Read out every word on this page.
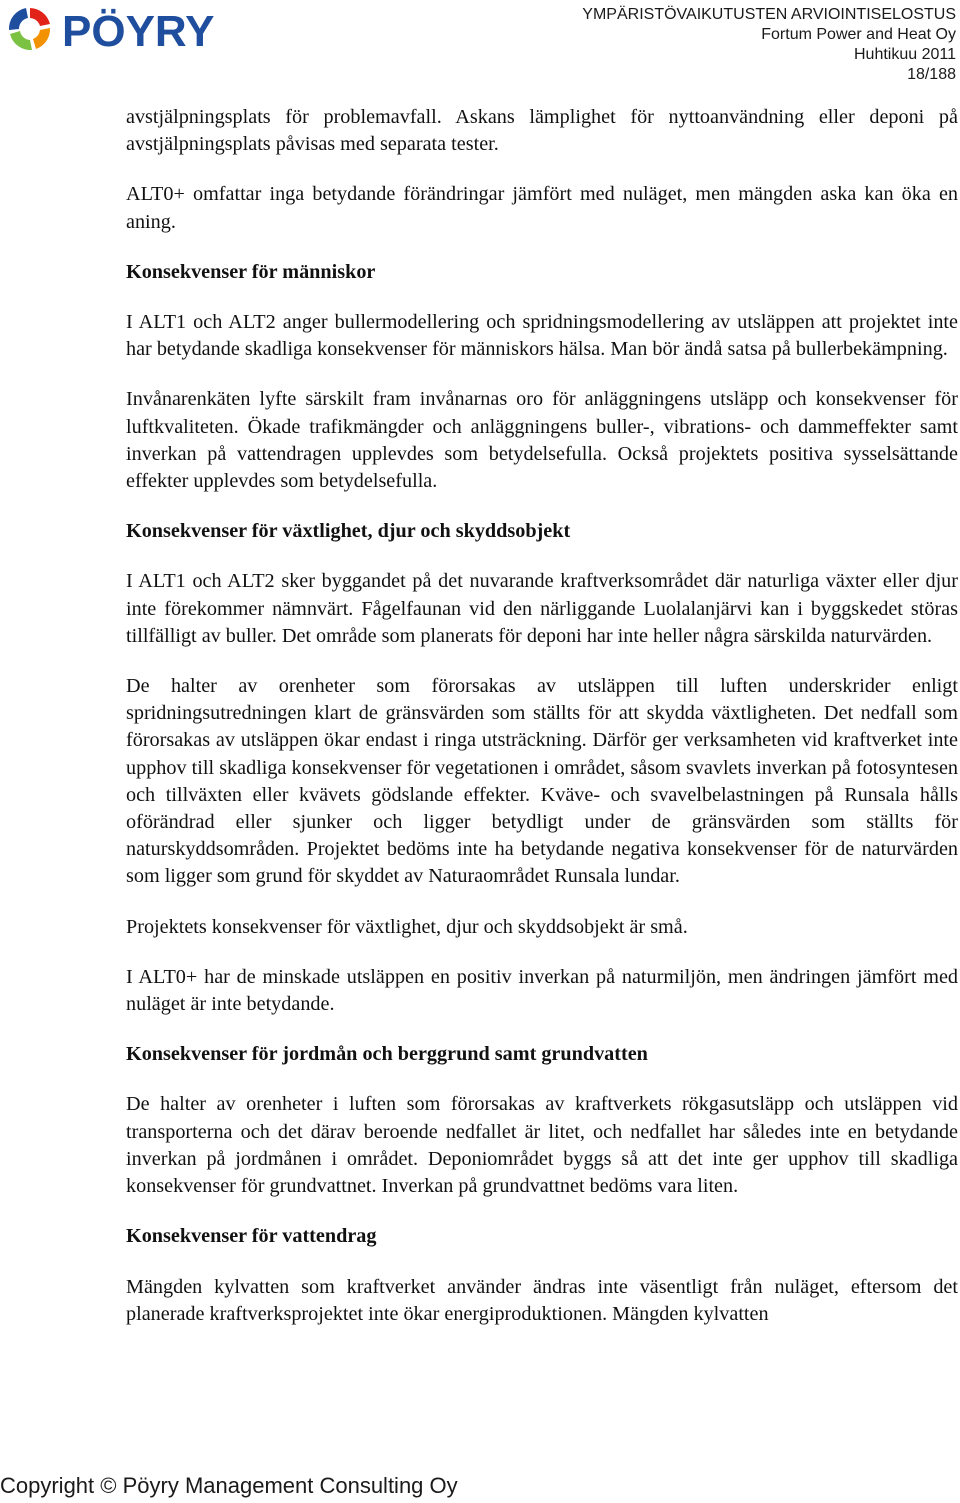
PÖYRY	YMPÄRISTÖVAIKUTUSTEN ARVIOINTISELOSTUS
Fortum Power and Heat Oy
Huhtikuu 2011
18/188

avstjälpningsplats för problemavfall. Askans lämplighet för nyttoanvändning eller deponi på avstjälpningsplats påvisas med separata tester.

ALT0+ omfattar inga betydande förändringar jämfört med nuläget, men mängden aska kan öka en aning.

Konsekvenser för människor

I ALT1 och ALT2 anger bullermodellering och spridningsmodellering av utsläppen att projektet inte har betydande skadliga konsekvenser för människors hälsa. Man bör ändå satsa på bullerbekämpning.

Invånarenkäten lyfte särskilt fram invånarnas oro för anläggningens utsläpp och konsekvenser för luftkvaliteten. Ökade trafikmängder och anläggningens buller-, vibrations- och dammeffekter samt inverkan på vattendragen upplevdes som betydelsefulla. Också projektets positiva sysselsättande effekter upplevdes som betydelsefulla.

Konsekvenser för växtlighet, djur och skyddsobjekt

I ALT1 och ALT2 sker byggandet på det nuvarande kraftverksområdet där naturliga växter eller djur inte förekommer nämnvärt. Fågelfaunan vid den närliggande Luolalanjärvi kan i byggskedet störas tillfälligt av buller. Det område som planerats för deponi har inte heller några särskilda naturvärden.

De halter av orenheter som förorsakas av utsläppen till luften underskrider enligt spridningsutredningen klart de gränsvärden som ställts för att skydda växtligheten. Det nedfall som förorsakas av utsläppen ökar endast i ringa utsträckning. Därför ger verksamheten vid kraftverket inte upphov till skadliga konsekvenser för vegetationen i området, såsom svavlets inverkan på fotosyntesen och tillväxten eller kvävets gödslande effekter. Kväve- och svavelbelastningen på Runsala hålls oförändrad eller sjunker och ligger betydligt under de gränsvärden som ställts för naturskyddsområden. Projektet bedöms inte ha betydande negativa konsekvenser för de naturvärden som ligger som grund för skyddet av Naturaområdet Runsala lundar.

Projektets konsekvenser för växtlighet, djur och skyddsobjekt är små.

I ALT0+ har de minskade utsläppen en positiv inverkan på naturmiljön, men ändringen jämfört med nuläget är inte betydande.

Konsekvenser för jordmån och berggrund samt grundvatten

De halter av orenheter i luften som förorsakas av kraftverkets rökgasutsläpp och utsläppen vid transporterna och det därav beroende nedfallet är litet, och nedfallet har således inte en betydande inverkan på jordmånen i området. Deponiområdet byggs så att det inte ger upphov till skadliga konsekvenser för grundvattnet. Inverkan på grundvattnet bedöms vara liten.

Konsekvenser för vattendrag

Mängden kylvatten som kraftverket använder ändras inte väsentligt från nuläget, eftersom det planerade kraftverksprojektet inte ökar energiproduktionen. Mängden kylvatten

Copyright © Pöyry Management Consulting Oy
